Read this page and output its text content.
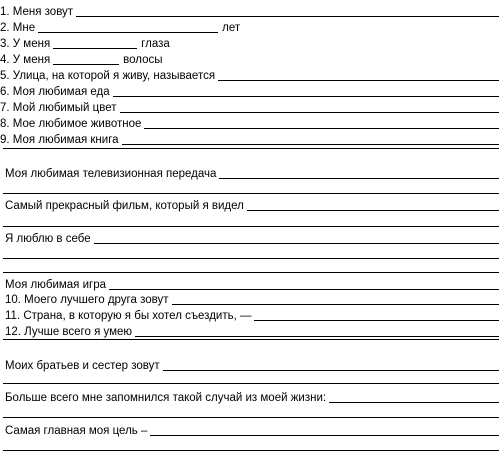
1. Меня зовут
2. Мне	лет
3. У меня	глаза
4. У меня	волосы
5. Улица, на которой я живу, называется
6. Моя любимая еда
7. Мой любимый цвет
8. Мое любимое животное
9. Моя любимая книга
Моя любимая телевизионная передача
Самый прекрасный фильм, который я видел
Я люблю в себе
Моя любимая игра
10. Моего лучшего друга зовут
11. Страна, в которую я бы хотел съездить, —
12. Лучше всего я умею
Моих братьев и сестер зовут
Больше всего мне запомнился такой случай из моей жизни:
Самая главная моя цель –
